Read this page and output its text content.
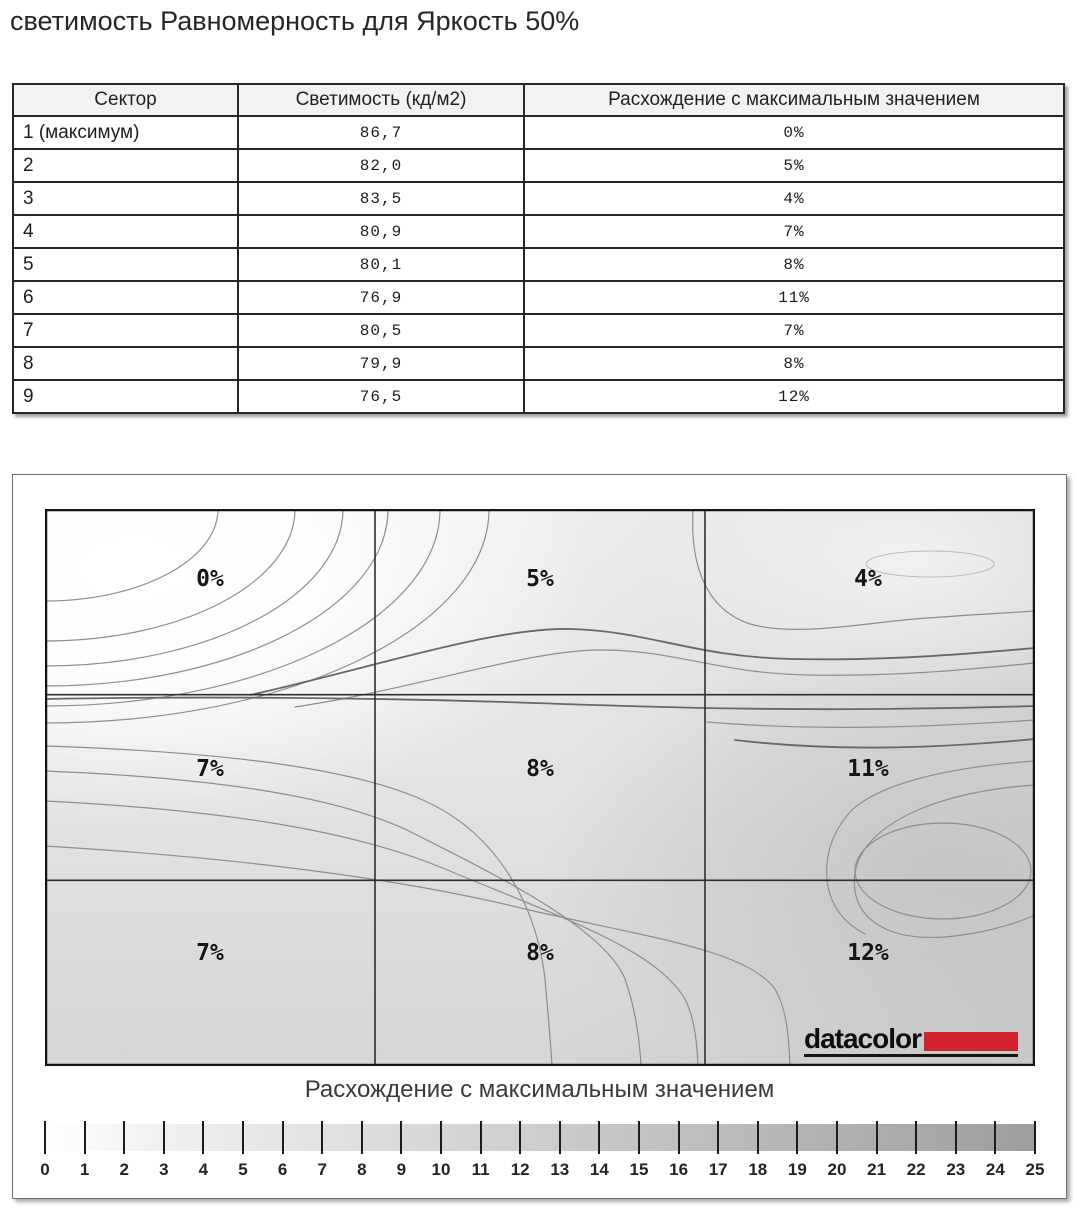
светимость Равномерность для Яркость 50%
Сектор	Светимость (кд/м2)	Расхождение с максимальным значением
1 (максимум)	86,7	0%
2	82,0	5%
3	83,5	4%
4	80,9	7%
5	80,1	8%
6	76,9	11%
7	80,5	7%
8	79,9	8%
9	76,5	12%
0%	5%	4%
7%	8%	11%
7%	8%	12%
datacolor
Расхождение с максимальным значением
0	1	2	3	4	5	6	7	8	9	10	11	12	13	14	15	16	17	18	19	20	21	22	23	24	25
